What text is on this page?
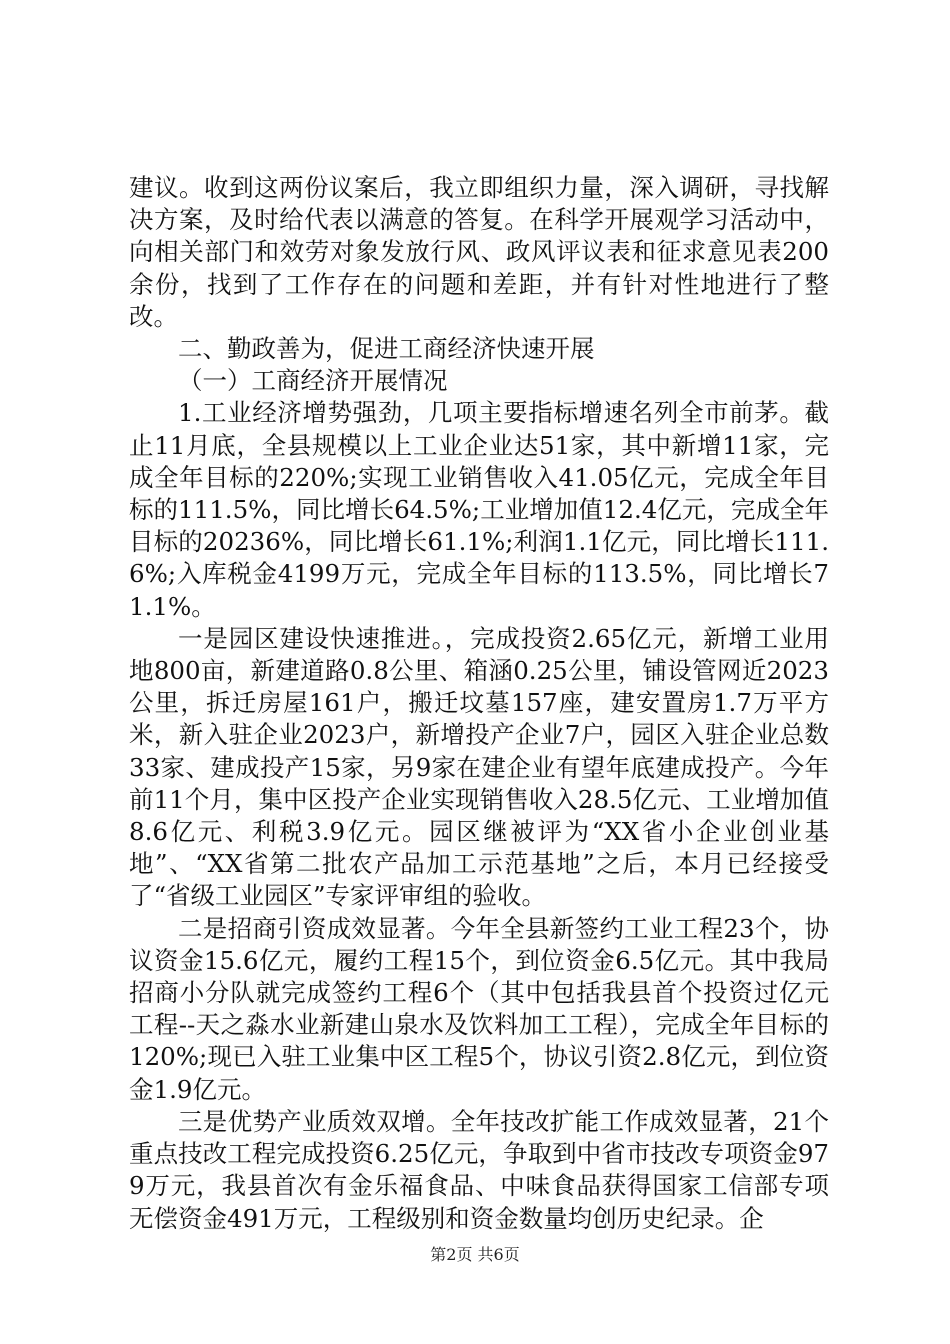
建议。收到这两份议案后，我立即组织力量，深入调研，寻找解决方案，及时给代表以满意的答复。在科学开展观学习活动中，向相关部门和效劳对象发放行风、政风评议表和征求意见表200余份，找到了工作存在的问题和差距，并有针对性地进行了整改。

二、勤政善为，促进工商经济快速开展

（一）工商经济开展情况

1.工业经济增势强劲，几项主要指标增速名列全市前茅。截止11月底，全县规模以上工业企业达51家，其中新增11家，完成全年目标的220%;实现工业销售收入41.05亿元，完成全年目标的111.5%，同比增长64.5%;工业增加值12.4亿元，完成全年目标的20236%，同比增长61.1%;利润1.1亿元，同比增长111.6%;入库税金4199万元，完成全年目标的113.5%，同比增长71.1%。

一是园区建设快速推进。，完成投资2.65亿元，新增工业用地800亩，新建道路0.8公里、箱涵0.25公里，铺设管网近2023公里，拆迁房屋161户，搬迁坟墓157座，建安置房1.7万平方米，新入驻企业2023户，新增投产企业7户，园区入驻企业总数33家、建成投产15家，另9家在建企业有望年底建成投产。今年前11个月，集中区投产企业实现销售收入28.5亿元、工业增加值8.6亿元、利税3.9亿元。园区继被评为“XX省小企业创业基地”、“XX省第二批农产品加工示范基地”之后，本月已经接受了“省级工业园区”专家评审组的验收。

二是招商引资成效显著。今年全县新签约工业工程23个，协议资金15.6亿元，履约工程15个，到位资金6.5亿元。其中我局招商小分队就完成签约工程6个（其中包括我县首个投资过亿元工程--天之淼水业新建山泉水及饮料加工工程），完成全年目标的120%;现已入驻工业集中区工程5个，协议引资2.8亿元，到位资金1.9亿元。

三是优势产业质效双增。全年技改扩能工作成效显著，21个重点技改工程完成投资6.25亿元，争取到中省市技改专项资金979万元，我县首次有金乐福食品、中味食品获得国家工信部专项无偿资金491万元，工程级别和资金数量均创历史纪录。企

第2页 共6页
